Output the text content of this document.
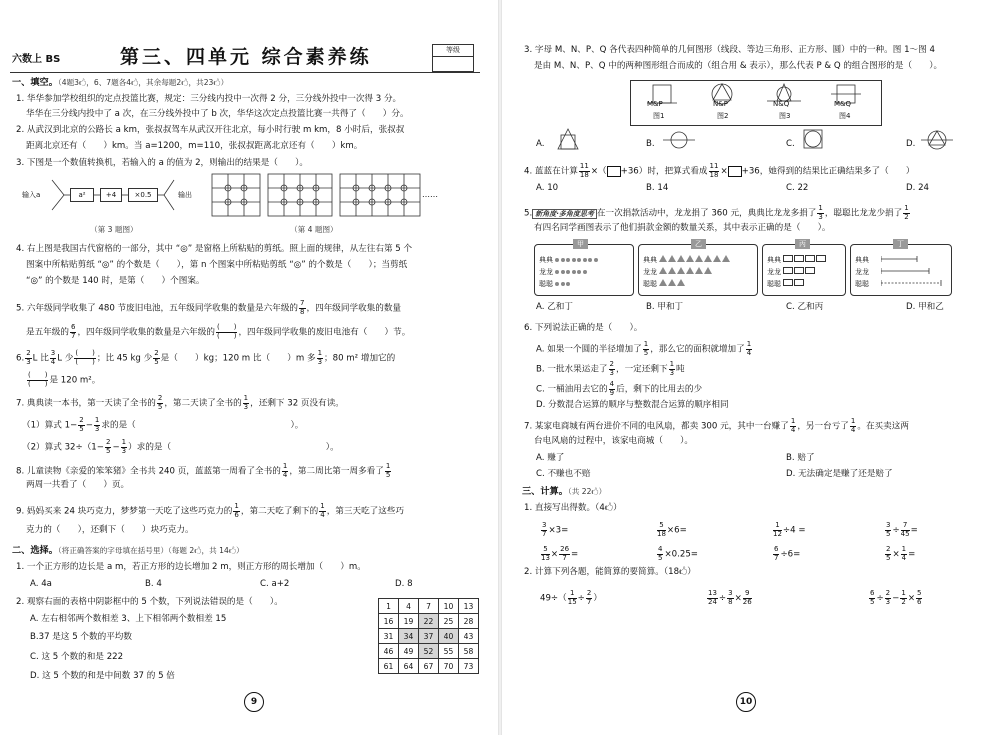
六数上 BS	第三、四单元 综合素养练	等级
一、填空。（4题3🖒，6、7题各4🖒，其余每题2🖒，共23🖒）
1. 华华参加学校组织的定点投篮比赛，规定：三分线内投中一次得 2 分，三分线外投中一次得 3 分。
华华在三分线内投中了 a 次，在三分线外投中了 b 次，华华这次定点投篮比赛一共得了（　　）分。
2. 从武汉到北京的公路长 a km，张叔叔驾车从武汉开往北京，每小时行驶 m km，8 小时后，张叔叔
距离北京还有（　　）km。当 a=1200，m=110，张叔叔距离北京还有（　　）km。
3. 下图是一个数值转换机，若输入的 a 的值为 2，则输出的结果是（　　）。
输入a	a²	+4	×0.5	输出
（第 3 题图）
……
（第 4 题图）
4. 右上图是我国古代窗格的一部分，其中 “◎” 是窗格上所粘贴的剪纸。照上面的规律，从左往右第 5 个
图案中所粘贴剪纸 “◎” 的个数是（　　），第 n 个图案中所粘贴剪纸 “◎” 的个数是（　　）；当剪纸
“◎” 的个数是 140 时，是第（　　）个图案。
5. 六年级同学收集了 480 节废旧电池，五年级同学收集的数量是六年级的 $\frac{7}{8}$ ，四年级同学收集的数量
是五年级的 $\frac{6}{7}$ ，四年级同学收集的数量是六年级的 $\frac{( )}{( )}$ ，四年级同学收集的废旧电池有（　　）节。
6. $\frac{2}{3}$ L 比 $\frac{3}{4}$ L 少 $\frac{( )}{( )}$ ；比 45 kg 少 $\frac{2}{5}$ 是（　　）kg；120 m 比（　　）m 多 $\frac{1}{3}$ ；80 m² 增加它的
$\frac{( )}{( )}$ 是 120 m²。
7. 典典读一本书，第一天读了全书的 $\frac{2}{5}$ ，第二天读了全书的 $\frac{1}{3}$ ，还剩下 32 页没有读。
（1）算式 $1- \frac{2}{5} - \frac{1}{3}$ 求的是（　　　　　　　　　　　　　　　　　　）。
（2）算式 $32\div(1- \frac{2}{5} - \frac{1}{3}$ ）求的是（　　　　　　　　　　　　　　　　　　）。
8. 儿童读物《亲爱的笨笨猪》全书共 240 页，蓝蓝第一周看了全书的 $\frac{1}{4}$ ，第二周比第一周多看了 $\frac{1}{5}$
两周一共看了（　　）页。
9. 妈妈买来 24 块巧克力，梦梦第一天吃了这些巧克力的 $\frac{1}{6}$ ，第二天吃了剩下的 $\frac{1}{4}$ ，第三天吃了这些巧
克力的（　　），还剩下（　　）块巧克力。
二、选择。（将正确答案的字母填在括号里）（每题 2🖒，共 14🖒）
1. 一个正方形的边长是 a m，若正方形的边长增加 2 m，则正方形的周长增加（　　）m。
A. 4a	B. 4	C. a+2	D. 8
2. 观察右面的表格中阴影框中的 5 个数，下列说法错误的是（　　）。
A. 左右相邻两个数相差 3、上下相邻两个数相差 15
B.37 是这 5 个数的平均数
C. 这 5 个数的和是 222
D. 这 5 个数的和是中间数 37 的 5 倍
1	4	7	10	13
16	19	22	25	28
31	34	37	40	43
46	49	52	55	58
61	64	67	70	73
9
3. 字母 M、N、P、Q 各代表四种简单的几何图形（线段、等边三角形、正方形、圆）中的一种。图 1～图 4
是由 M、N、P、Q 中的两种图形组合而成的（组合用 & 表示），那么代表 P & Q 的组合图形的是（　　）。
M&P	N&P	N&Q	M&Q
图1	图2	图3	图4
A.	B.	C.	D.
4. 蓝蓝在计算 $\frac{11}{18}$ ×（ +36）时，把算式看成 $\frac{11}{18} \times +36$，她得到的结果比正确结果多了（　　）
A. 10	B. 14	C. 22	D. 24
5. 新角度·多角度思考 在一次捐款活动中，龙龙捐了 360 元，典典比龙龙多捐了 $\frac{1}{3}$ ，聪聪比龙龙少捐了 $\frac{1}{2}$
有四名同学画图表示了他们捐款金额的数量关系，其中表示正确的是（　　）。
甲
典典
龙龙
聪聪
乙
典典
龙龙
聪聪
丙
典典
龙龙
聪聪
丁
典典
龙龙
聪聪
A. 乙和丁	B. 甲和丁	C. 乙和丙	D. 甲和乙
6. 下列说法正确的是（　　）。
A. 如果一个圆的半径增加了 $\frac{1}{5}$ ，那么它的面积就增加了 $\frac{1}{4}$
B. 一批水果运走了 $\frac{2}{3}$ ，一定还剩下 $\frac{1}{3}$ 吨
C. 一桶油用去它的 $\frac{4}{9}$ 后，剩下的比用去的少
D. 分数混合运算的顺序与整数混合运算的顺序相同
7. 某家电商城有两台进价不同的电风扇，都卖 300 元，其中一台赚了 $\frac{1}{4}$ ，另一台亏了 $\frac{1}{4}$ 。在买卖这两
台电风扇的过程中，该家电商城（　　）。
A. 赚了	B. 赔了
C. 不赚也不赔	D. 无法确定是赚了还是赔了
三、计算。（共 22🖒）
1. 直接写出得数。（4🖒）
$\frac{3}{7} \times 3=$	$\frac{5}{18} \times 6=$	$\frac{1}{12} \div 4$ =	$\frac{3}{5} \div \frac{7}{45}$ =
$\frac{5}{13} \times \frac{26}{7}$ =	$\frac{4}{5} \times 0.25=$	$\frac{6}{7} \div 6=$	$\frac{2}{5} \times \frac{1}{4}$ =
2. 计算下列各题，能简算的要简算。（18🖒）
$49\div( \frac{1}{15} \div \frac{2}{7}$ ）	$\frac{13}{24} \div \frac{3}{8} \times \frac{9}{26}$	$\frac{6}{5} \div \frac{2}{3} - \frac{1}{2} \times \frac{5}{6}$
10
